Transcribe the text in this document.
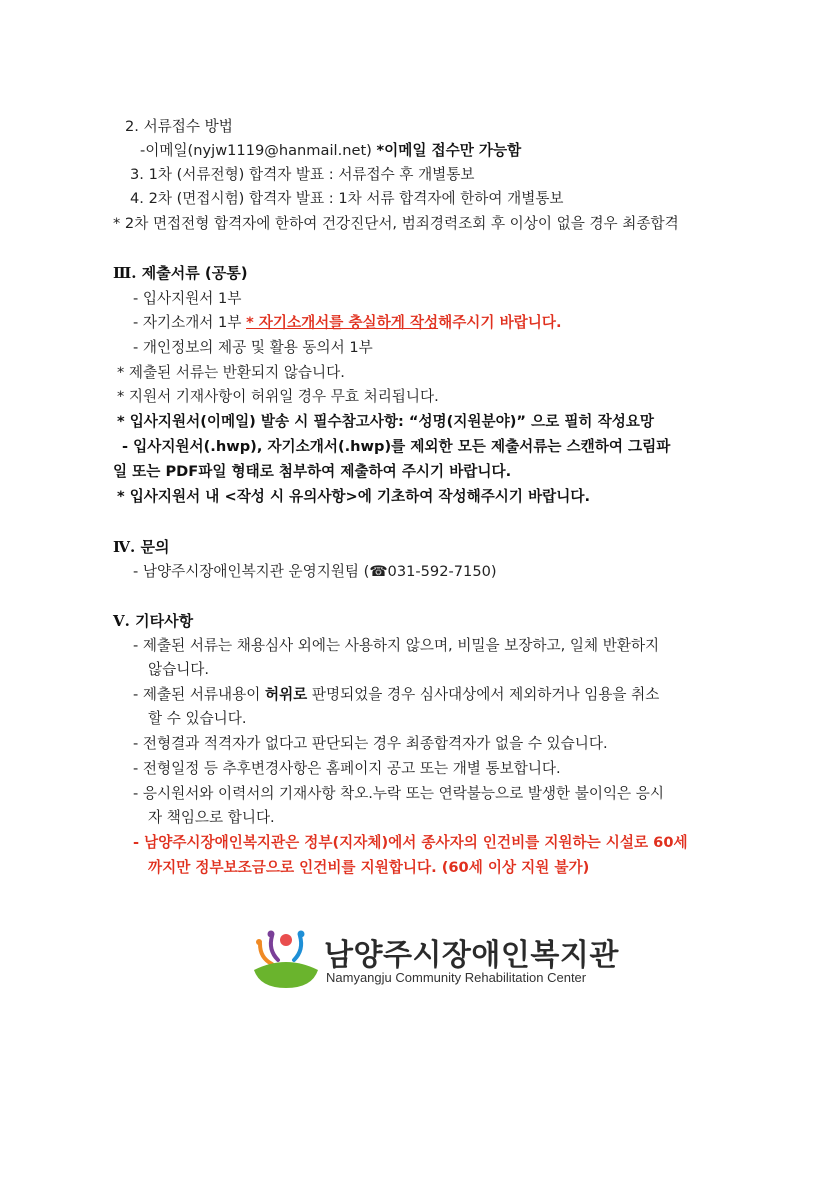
2. 서류접수 방법
-이메일(nyjw1119@hanmail.net) *이메일 접수만 가능함
3. 1차 (서류전형) 합격자 발표 : 서류접수 후 개별통보
4. 2차 (면접시험) 합격자 발표 : 1차 서류 합격자에 한하여 개별통보
* 2차 면접전형 합격자에 한하여 건강진단서, 범죄경력조회 후 이상이 없을 경우 최종합격
Ⅲ. 제출서류 (공통)
- 입사지원서 1부
- 자기소개서 1부 * 자기소개서를 충실하게 작성해주시기 바랍니다.
- 개인정보의 제공 및 활용 동의서 1부
* 제출된 서류는 반환되지 않습니다.
* 지원서 기재사항이 허위일 경우 무효 처리됩니다.
* 입사지원서(이메일) 발송 시 필수참고사항: “성명(지원분야)” 으로 필히 작성요망
- 입사지원서(.hwp), 자기소개서(.hwp)를 제외한 모든 제출서류는 스캔하여 그림파
일 또는 PDF파일 형태로 첨부하여 제출하여 주시기 바랍니다.
* 입사지원서 내 <작성 시 유의사항>에 기초하여 작성해주시기 바랍니다.
Ⅳ. 문의
- 남양주시장애인복지관 운영지원팀 (☎031-592-7150)
Ⅴ. 기타사항
- 제출된 서류는 채용심사 외에는 사용하지 않으며, 비밀을 보장하고, 일체 반환하지
않습니다.
- 제출된 서류내용이 허위로 판명되었을 경우 심사대상에서 제외하거나 임용을 취소
할 수 있습니다.
- 전형결과 적격자가 없다고 판단되는 경우 최종합격자가 없을 수 있습니다.
- 전형일정 등 추후변경사항은 홈페이지 공고 또는 개별 통보합니다.
- 응시원서와 이력서의 기재사항 착오.누락 또는 연락불능으로 발생한 불이익은 응시
자 책임으로 합니다.
- 남양주시장애인복지관은 정부(지자체)에서 종사자의 인건비를 지원하는 시설로 60세
까지만 정부보조금으로 인건비를 지원합니다. (60세 이상 지원 불가)
남양주시장애인복지관
Namyangju Community Rehabilitation Center
